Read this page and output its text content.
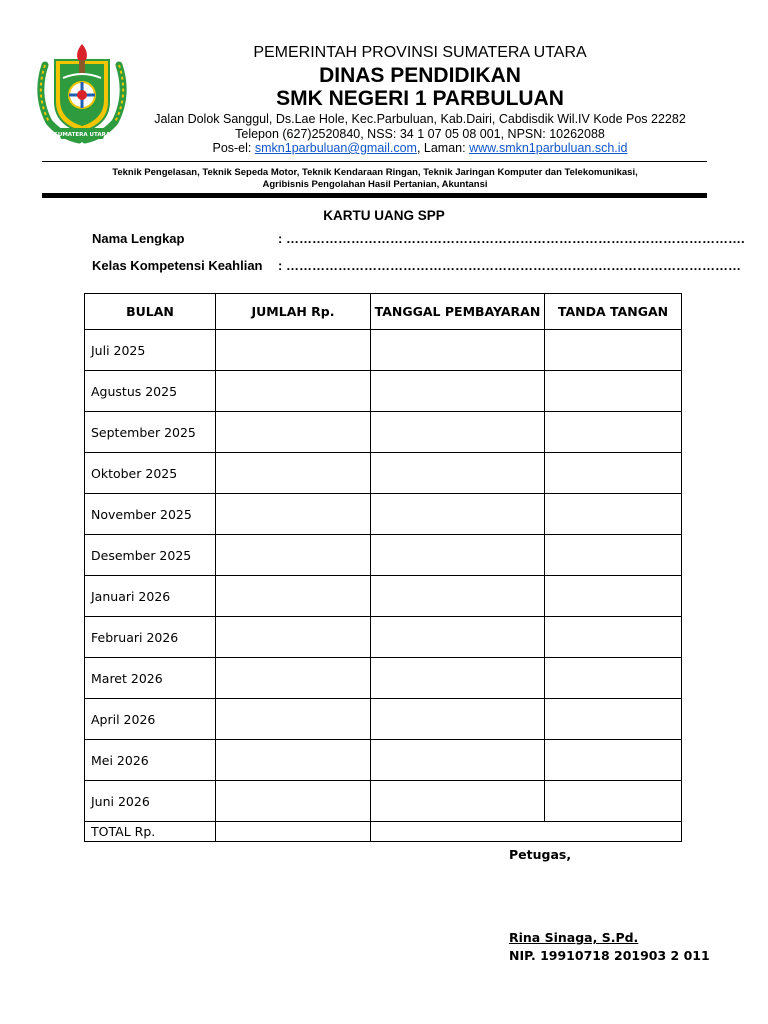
SUMATERA UTARA
PEMERINTAH PROVINSI SUMATERA UTARA
DINAS PENDIDIKAN
SMK NEGERI 1 PARBULUAN
Jalan Dolok Sanggul, Ds.Lae Hole, Kec.Parbuluan, Kab.Dairi, Cabdisdik Wil.IV Kode Pos 22282
Telepon (627)2520840, NSS: 34 1 07 05 08 001, NPSN: 10262088
Pos-el: smkn1parbuluan@gmail.com, Laman: www.smkn1parbuluan.sch.id
Teknik Pengelasan, Teknik Sepeda Motor, Teknik Kendaraan Ringan, Teknik Jaringan Komputer dan Telekomunikasi,
Agribisnis Pengolahan Hasil Pertanian, Akuntansi
KARTU UANG SPP
Nama Lengkap	: …………………………………………………………………………………………….
Kelas Kompetensi Keahlian : ……………………………………………………………………………………………
BULAN	JUMLAH Rp.	TANGGAL PEMBAYARAN	TANDA TANGAN
Juli 2025			
Agustus 2025			
September 2025			
Oktober 2025			
November 2025			
Desember 2025			
Januari 2026			
Februari 2026			
Maret 2026			
April 2026			
Mei 2026			
Juni 2026			
TOTAL Rp.			
Petugas,
Rina Sinaga, S.Pd.
NIP. 19910718 201903 2 011
